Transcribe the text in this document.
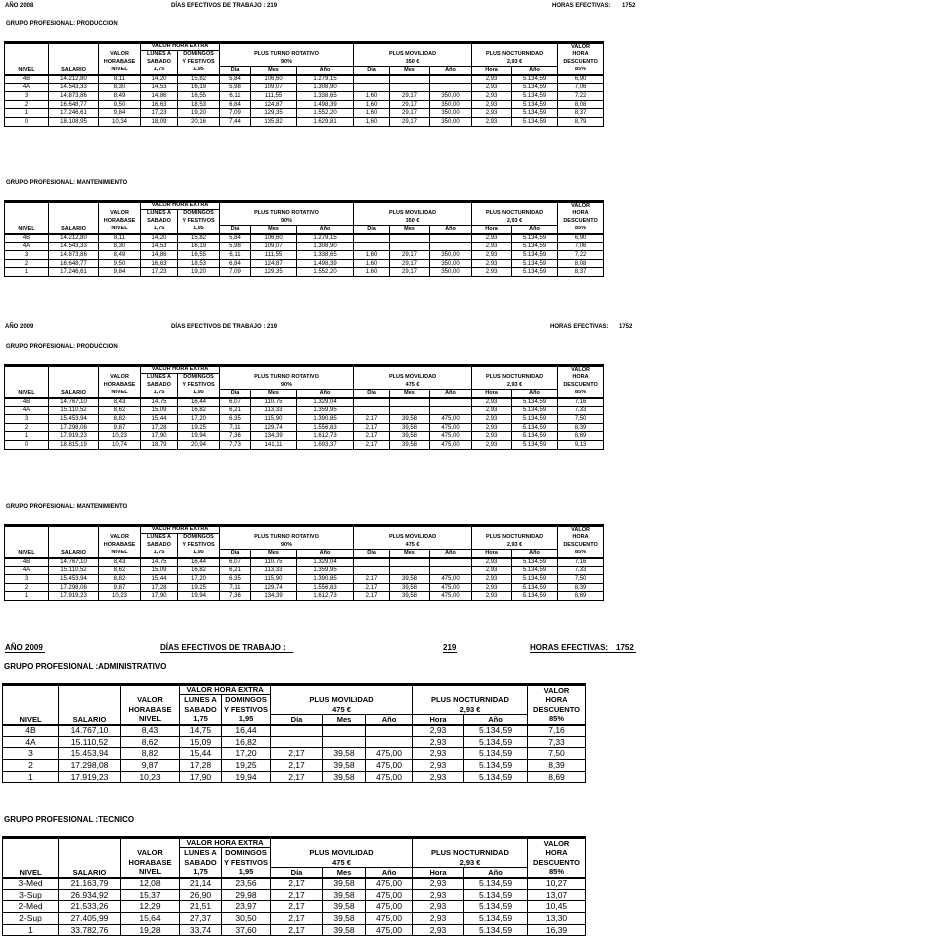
AÑO 2008	DÍAS EFECTIVOS DE TRABAJO : 219	HORAS EFECTIVAS: 1752
GRUPO PROFESIONAL: PRODUCCION
			VALOR HORA EXTRA										VALOR
		VALOR	LUNES A	DOMINGOS	PLUS TURNO ROTATIVO			PLUS MOVILIDAD			PLUS NOCTURNIDAD		HORA
		HORABASE	SABADO	Y FESTIVOS	90%			350 €			2,93 €		DESCUENTO
NIVEL	SALARIO	NIVEL	1,75	1,95	Día	Mes	Año	Día	Mes	Año	Hora	Año	85%
4B	14.212,80	8,11	14,20	15,82	5,84	106,60	1.279,15				2,93	5.134,59	6,90
4A	14.543,33	8,30	14,53	16,19	5,98	109,07	1.308,90				2,93	5.134,59	7,06
3	14.873,86	8,49	14,86	16,55	6,11	111,55	1.338,65	1,60	29,17	350,00	2,93	5.134,59	7,22
2	16.648,77	9,50	16,63	18,53	6,84	124,87	1.498,39	1,60	29,17	350,00	2,93	5.134,59	8,08
1	17.246,61	9,84	17,23	19,20	7,09	129,35	1.552,20	1,60	29,17	350,00	2,93	5.134,59	8,37
0	18.108,95	10,34	18,09	20,16	7,44	135,82	1.629,81	1,60	29,17	350,00	2,93	5.134,59	8,79
GRUPO PROFESIONAL: MANTENIMIENTO
			VALOR HORA EXTRA										VALOR
		VALOR	LUNES A	DOMINGOS	PLUS TURNO ROTATIVO			PLUS MOVILIDAD			PLUS NOCTURNIDAD		HORA
		HORABASE	SABADO	Y FESTIVOS	90%			350 €			2,93 €		DESCUENTO
NIVEL	SALARIO	NIVEL	1,75	1,95	Día	Mes	Año	Día	Mes	Año	Hora	Año	85%
4B	14.212,80	8,11	14,20	15,82	5,84	106,60	1.279,15				2,93	5.134,59	6,90
4A	14.543,33	8,30	14,53	16,19	5,98	109,07	1.308,90				2,93	5.134,59	7,06
3	14.873,86	8,49	14,86	16,55	6,11	111,55	1.338,65	1,60	29,17	350,00	2,93	5.134,59	7,22
2	16.648,77	9,50	16,63	18,53	6,84	124,87	1.498,39	1,60	29,17	350,00	2,93	5.134,59	8,08
1	17.246,61	9,84	17,23	19,20	7,09	129,35	1.552,20	1,60	29,17	350,00	2,93	5.134,59	8,37
AÑO 2009	DÍAS EFECTIVOS DE TRABAJO : 219	HORAS EFECTIVAS: 1752
GRUPO PROFESIONAL: PRODUCCION
			VALOR HORA EXTRA										VALOR
		VALOR	LUNES A	DOMINGOS	PLUS TURNO ROTATIVO			PLUS MOVILIDAD			PLUS NOCTURNIDAD		HORA
		HORABASE	SABADO	Y FESTIVOS	90%			475 €			2,93 €		DESCUENTO
NIVEL	SALARIO	NIVEL	1,75	1,95	Día	Mes	Año	Día	Mes	Año	Hora	Año	85%
4B	14.767,10	8,43	14,75	16,44	6,07	110,75	1.329,04				2,93	5.134,59	7,16
4A	15.110,52	8,62	15,09	16,82	6,21	113,33	1.359,95				2,93	5.134,59	7,33
3	15.453,94	8,82	15,44	17,20	6,35	115,90	1.390,85	2,17	39,58	475,00	2,93	5.134,59	7,50
2	17.298,08	9,87	17,28	19,25	7,11	129,74	1.556,83	2,17	39,58	475,00	2,93	5.134,59	8,39
1	17.919,23	10,23	17,90	19,94	7,36	134,39	1.612,73	2,17	39,58	475,00	2,93	5.134,59	8,69
0	18.815,19	10,74	18,79	20,94	7,73	141,11	1.693,37	2,17	39,58	475,00	2,93	5.134,59	9,13
GRUPO PROFESIONAL: MANTENIMIENTO
			VALOR HORA EXTRA										VALOR
		VALOR	LUNES A	DOMINGOS	PLUS TURNO ROTATIVO			PLUS MOVILIDAD			PLUS NOCTURNIDAD		HORA
		HORABASE	SABADO	Y FESTIVOS	90%			475 €			2,93 €		DESCUENTO
NIVEL	SALARIO	NIVEL	1,75	1,95	Día	Mes	Año	Día	Mes	Año	Hora	Año	85%
4B	14.767,10	8,43	14,75	16,44	6,07	110,75	1.329,04				2,93	5.134,59	7,16
4A	15.110,52	8,62	15,09	16,82	6,21	113,33	1.359,95				2,93	5.134,59	7,33
3	15.453,94	8,82	15,44	17,20	6,35	115,90	1.390,85	2,17	39,58	475,00	2,93	5.134,59	7,50
2	17.298,08	9,87	17,28	19,25	7,11	129,74	1.556,83	2,17	39,58	475,00	2,93	5.134,59	8,39
1	17.919,23	10,23	17,90	19,94	7,36	134,39	1.612,73	2,17	39,58	475,00	2,93	5.134,59	8,69
AÑO 2009	DÍAS EFECTIVOS DE TRABAJO :	219	HORAS EFECTIVAS: 1752
GRUPO PROFESIONAL :ADMINISTRATIVO
			VALOR HORA EXTRA							VALOR
		VALOR	LUNES A	DOMINGOS	PLUS MOVILIDAD			PLUS NOCTURNIDAD		HORA
		HORABASE	SABADO	Y FESTIVOS	475 €			2,93 €		DESCUENTO
NIVEL	SALARIO	NIVEL	1,75	1,95	Día	Mes	Año	Hora	Año	85%
4B	14.767,10	8,43	14,75	16,44				2,93	5.134,59	7,16
4A	15.110,52	8,62	15,09	16,82				2,93	5.134,59	7,33
3	15.453,94	8,82	15,44	17,20	2,17	39,58	475,00	2,93	5.134,59	7,50
2	17.298,08	9,87	17,28	19,25	2,17	39,58	475,00	2,93	5.134,59	8,39
1	17.919,23	10,23	17,90	19,94	2,17	39,58	475,00	2,93	5.134,59	8,69
GRUPO PROFESIONAL :TECNICO
			VALOR HORA EXTRA							VALOR
		VALOR	LUNES A	DOMINGOS	PLUS MOVILIDAD			PLUS NOCTURNIDAD		HORA
		HORABASE	SABADO	Y FESTIVOS	475 €			2,93 €		DESCUENTO
NIVEL	SALARIO	NIVEL	1,75	1,95	Día	Mes	Año	Hora	Año	85%
3-Med	21.163,79	12,08	21,14	23,56	2,17	39,58	475,00	2,93	5.134,59	10,27
3-Sup	26.934,92	15,37	26,90	29,98	2,17	39,58	475,00	2,93	5.134,59	13,07
2-Med	21.533,26	12,29	21,51	23,97	2,17	39,58	475,00	2,93	5.134,59	10,45
2-Sup	27.405,99	15,64	27,37	30,50	2,17	39,58	475,00	2,93	5.134,59	13,30
1	33.782,76	19,28	33,74	37,60	2,17	39,58	475,00	2,93	5.134,59	16,39
